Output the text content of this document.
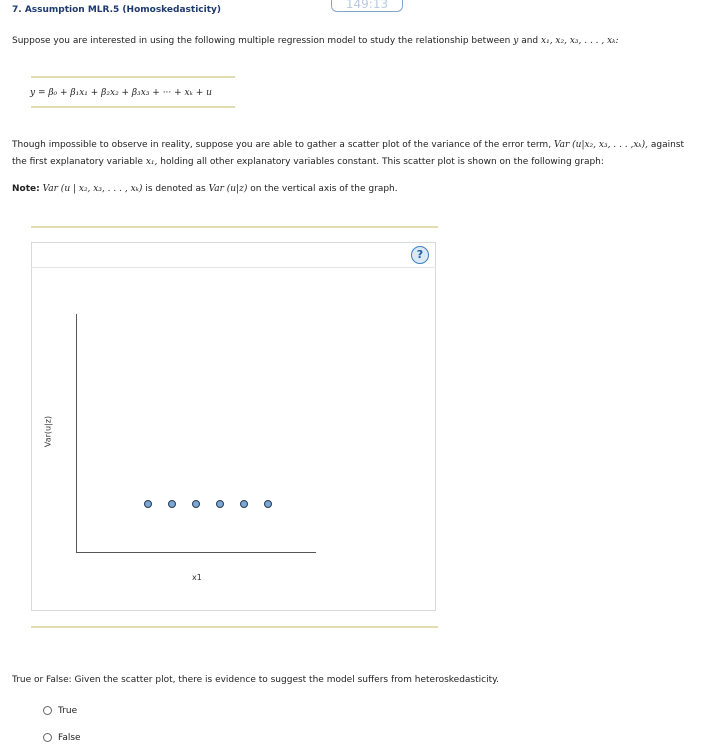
7. Assumption MLR.5 (Homoskedasticity)	149:13
Suppose you are interested in using the following multiple regression model to study the relationship between y and x₁, x₂, x₃, . . . , xₖ:
y = β₀ + β₁x₁ + β₂x₂ + β₃x₃ + ··· + xₖ + u
Though impossible to observe in reality, suppose you are able to gather a scatter plot of the variance of the error term, Var (u|x₂, x₃, . . . ,xₖ), against
the first explanatory variable x₁, holding all other explanatory variables constant. This scatter plot is shown on the following graph:
Note: Var (u | x₂, x₃, . . . , xₖ) is denoted as Var (u|z) on the vertical axis of the graph.
?
Var(u|z)
x1
True or False: Given the scatter plot, there is evidence to suggest the model suffers from heteroskedasticity.
True
False
